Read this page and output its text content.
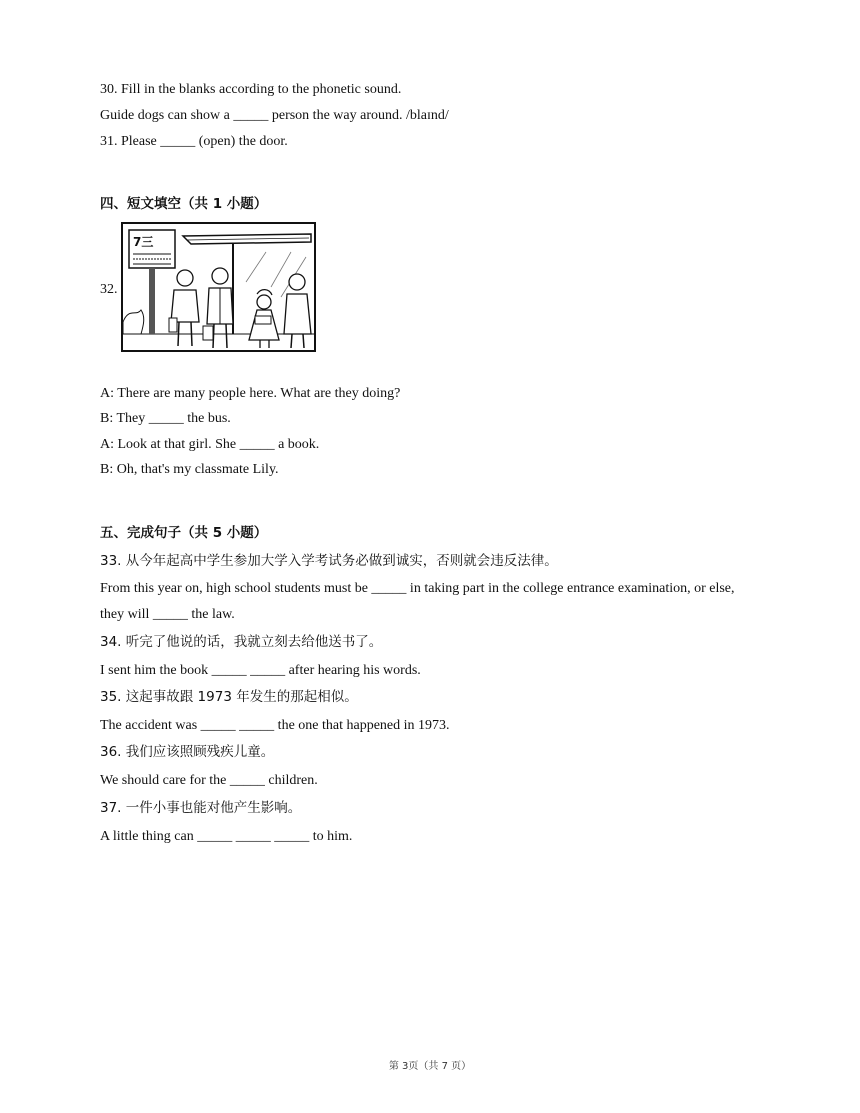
30. Fill in the blanks according to the phonetic sound.
Guide dogs can show a _____ person the way around. /blaɪnd/
31. Please _____ (open) the door.
四、短文填空（共 1 小题）
32.
7三
A: There are many people here. What are they doing?
B: They _____ the bus.
A: Look at that girl. She _____ a book.
B: Oh, that's my classmate Lily.
五、完成句子（共 5 小题）
33. 从今年起高中学生参加大学入学考试务必做到诚实，否则就会违反法律。
From this year on, high school students must be _____ in taking part in the college entrance examination, or else, they will _____ the law.
34. 听完了他说的话，我就立刻去给他送书了。
I sent him the book _____ _____ after hearing his words.
35. 这起事故跟 1973 年发生的那起相似。
The accident was _____ _____ the one that happened in 1973.
36. 我们应该照顾残疾儿童。
We should care for the _____ children.
37. 一件小事也能对他产生影响。
A little thing can _____ _____ _____ to him.
第 3页（共 7 页）
